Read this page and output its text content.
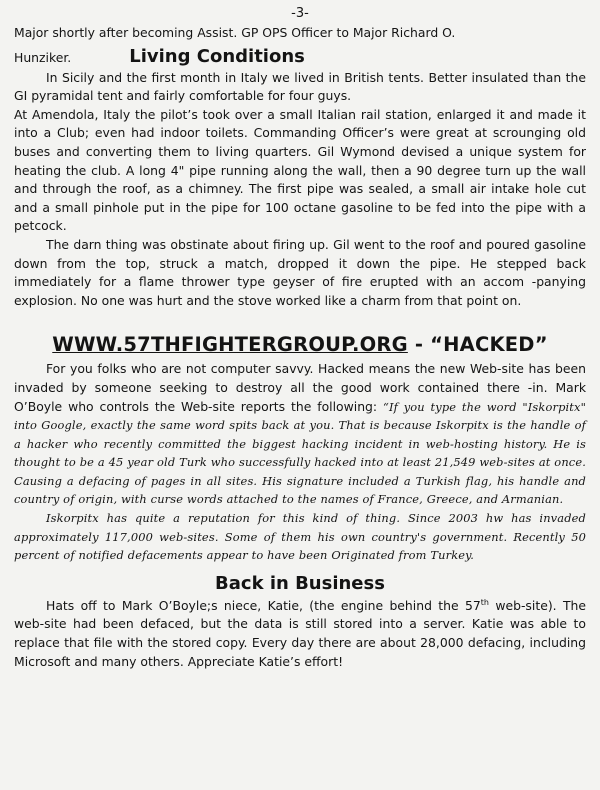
-3-

Major shortly after becoming Assist. GP OPS Officer to Major Richard O.

Hunziker.	Living Conditions

In Sicily and the first month in Italy we lived in British tents. Better insulated than the GI pyramidal tent and fairly comfortable for four guys.

At Amendola, Italy the pilot’s took over a small Italian rail station, enlarged it and made it into a Club; even had indoor toilets. Commanding Officer’s were great at scrounging old buses and converting them to living quarters. Gil Wymond devised a unique system for heating the club. A long 4" pipe running along the wall, then a 90 degree turn up the wall and through the roof, as a chimney. The first pipe was sealed, a small air intake hole cut and a small pinhole put in the pipe for 100 octane gasoline to be fed into the pipe with a petcock.

The darn thing was obstinate about firing up. Gil went to the roof and poured gasoline down from the top, struck a match, dropped it down the pipe. He stepped back immediately for a flame thrower type geyser of fire erupted with an accom -panying explosion. No one was hurt and the stove worked like a charm from that point on.

WWW.57THFIGHTERGROUP.ORG - “HACKED”

For you folks who are not computer savvy. Hacked means the new Web-site has been invaded by someone seeking to destroy all the good work contained there -in. Mark O’Boyle who controls the Web-site reports the following: “If you type the word "Iskorpitx" into Google, exactly the same word spits back at you. That is because Iskorpitx is the handle of a hacker who recently committed the biggest hacking incident in web-hosting history. He is thought to be a 45 year old Turk who successfully hacked into at least 21,549 web-sites at once. Causing a defacing of pages in all sites. His signature included a Turkish flag, his handle and country of origin, with curse words attached to the names of France, Greece, and Armanian.

Iskorpitx has quite a reputation for this kind of thing. Since 2003 hw has invaded approximately 117,000 web-sites. Some of them his own country's government. Recently 50 percent of notified defacements appear to have been Originated from Turkey.

Back in Business

Hats off to Mark O’Boyle;s niece, Katie, (the engine behind the 57th web-site). The web-site had been defaced, but the data is still stored into a server. Katie was able to replace that file with the stored copy. Every day there are about 28,000 defacing, including Microsoft and many others. Appreciate Katie’s effort!
